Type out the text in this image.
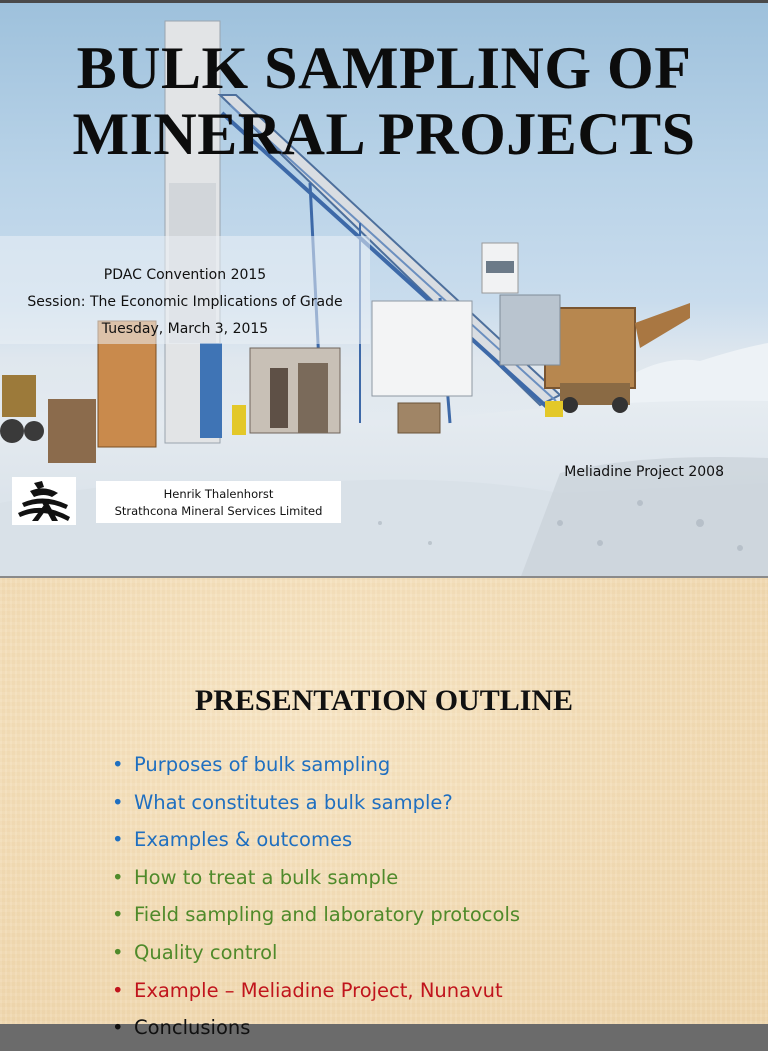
BULK SAMPLING OF
MINERAL PROJECTS
PDAC Convention 2015
Session: The Economic Implications of Grade
Tuesday, March 3, 2015
Meliadine Project 2008
Henrik Thalenhorst
Strathcona Mineral Services Limited
PRESENTATION OUTLINE
• Purposes of bulk sampling
• What constitutes a bulk sample?
• Examples & outcomes
• How to treat a bulk sample
• Field sampling and laboratory protocols
• Quality control
• Example – Meliadine Project, Nunavut
• Conclusions
